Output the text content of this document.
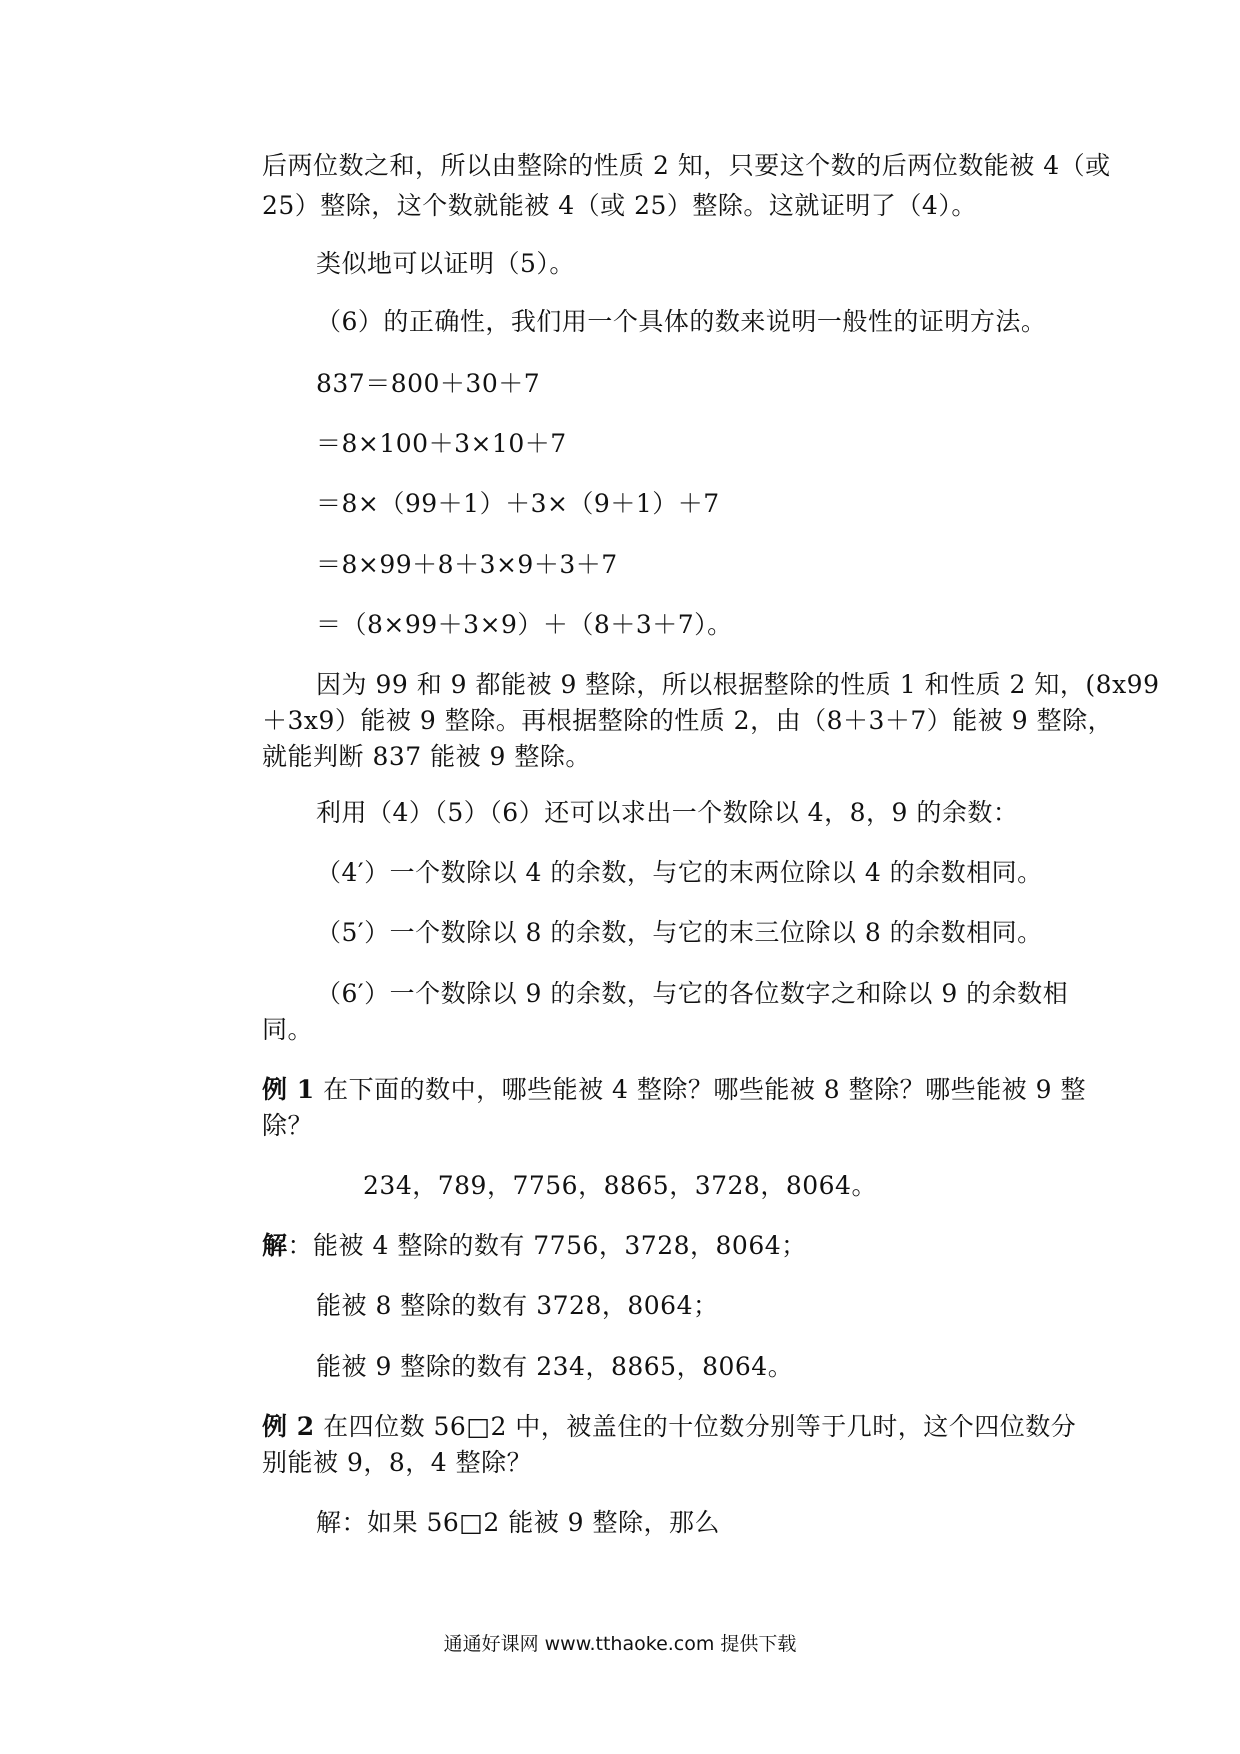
后两位数之和，所以由整除的性质 2 知，只要这个数的后两位数能被 4（或
25）整除，这个数就能被 4（或 25）整除。这就证明了（4）。
类似地可以证明（5）。
（6）的正确性，我们用一个具体的数来说明一般性的证明方法。
837＝800＋30＋7
＝8×100＋3×10＋7
＝8×（99＋1）＋3×（9＋1）＋7
＝8×99＋8＋3×9＋3＋7
＝（8×99＋3×9）＋（8＋3＋7）。
因为 99 和 9 都能被 9 整除，所以根据整除的性质 1 和性质 2 知，(8x99
＋3x9）能被 9 整除。再根据整除的性质 2，由（8＋3＋7）能被 9 整除，
就能判断 837 能被 9 整除。
利用（4）（5）（6）还可以求出一个数除以 4，8，9 的余数：
（4′）一个数除以 4 的余数，与它的末两位除以 4 的余数相同。
（5′）一个数除以 8 的余数，与它的末三位除以 8 的余数相同。
（6′）一个数除以 9 的余数，与它的各位数字之和除以 9 的余数相
同。
例 1 在下面的数中，哪些能被 4 整除？哪些能被 8 整除？哪些能被 9 整
除？
234，789，7756，8865，3728，8064。
解：能被 4 整除的数有 7756，3728，8064；
能被 8 整除的数有 3728，8064；
能被 9 整除的数有 234，8865，8064。
例 2 在四位数 56□2 中，被盖住的十位数分别等于几时，这个四位数分
别能被 9，8，4 整除？
解：如果 56□2 能被 9 整除，那么
通通好课网 www.tthaoke.com 提供下载
